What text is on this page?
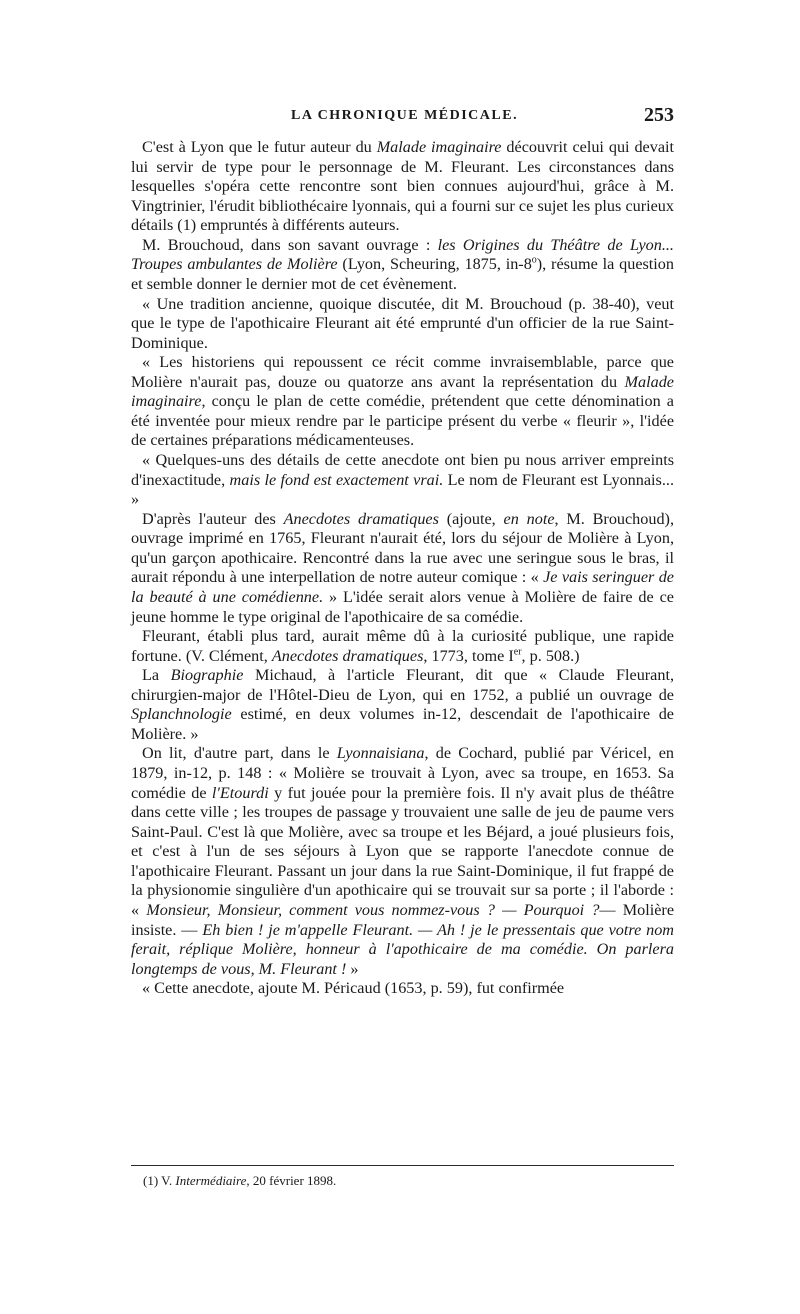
LA CHRONIQUE MÉDICALE.	253

C'est à Lyon que le futur auteur du Malade imaginaire découvrit celui qui devait lui servir de type pour le personnage de M. Fleurant. Les circonstances dans lesquelles s'opéra cette rencontre sont bien connues aujourd'hui, grâce à M. Vingtrinier, l'érudit bibliothécaire lyonnais, qui a fourni sur ce sujet les plus curieux détails (1) empruntés à différents auteurs.

M. Brouchoud, dans son savant ouvrage : les Origines du Théâtre de Lyon... Troupes ambulantes de Molière (Lyon, Scheuring, 1875, in-8$^o$), résume la question et semble donner le dernier mot de cet évènement.

« Une tradition ancienne, quoique discutée, dit M. Brouchoud (p. 38-40), veut que le type de l'apothicaire Fleurant ait été emprunté d'un officier de la rue Saint-Dominique.

« Les historiens qui repoussent ce récit comme invraisemblable, parce que Molière n'aurait pas, douze ou quatorze ans avant la représentation du Malade imaginaire, conçu le plan de cette comédie, prétendent que cette dénomination a été inventée pour mieux rendre par le participe présent du verbe « fleurir », l'idée de certaines préparations médicamenteuses.

« Quelques-uns des détails de cette anecdote ont bien pu nous arriver empreints d'inexactitude, mais le fond est exactement vrai. Le nom de Fleurant est Lyonnais... »

D'après l'auteur des Anecdotes dramatiques (ajoute, en note, M. Brouchoud), ouvrage imprimé en 1765, Fleurant n'aurait été, lors du séjour de Molière à Lyon, qu'un garçon apothicaire. Rencontré dans la rue avec une seringue sous le bras, il aurait répondu à une interpellation de notre auteur comique : « Je vais seringuer de la beauté à une comédienne. » L'idée serait alors venue à Molière de faire de ce jeune homme le type original de l'apothicaire de sa comédie.

Fleurant, établi plus tard, aurait même dû à la curiosité publique, une rapide fortune. (V. Clément, Anecdotes dramatiques, 1773, tome Ier, p. 508.)

La Biographie Michaud, à l'article Fleurant, dit que « Claude Fleurant, chirurgien-major de l'Hôtel-Dieu de Lyon, qui en 1752, a publié un ouvrage de Splanchnologie estimé, en deux volumes in-12, descendait de l'apothicaire de Molière. »

On lit, d'autre part, dans le Lyonnaisiana, de Cochard, publié par Véricel, en 1879, in-12, p. 148 : « Molière se trouvait à Lyon, avec sa troupe, en 1653. Sa comédie de l'Etourdi y fut jouée pour la première fois. Il n'y avait plus de théâtre dans cette ville ; les troupes de passage y trouvaient une salle de jeu de paume vers Saint-Paul. C'est là que Molière, avec sa troupe et les Béjard, a joué plusieurs fois, et c'est à l'un de ses séjours à Lyon que se rapporte l'anecdote connue de l'apothicaire Fleurant. Passant un jour dans la rue Saint-Dominique, il fut frappé de la physionomie singulière d'un apothicaire qui se trouvait sur sa porte ; il l'aborde : « Monsieur, Monsieur, comment vous nommez-vous ? — Pourquoi ?— Molière insiste. — Eh bien ! je m'appelle Fleurant. — Ah ! je le pressentais que votre nom ferait, réplique Molière, honneur à l'apothicaire de ma comédie. On parlera longtemps de vous, M. Fleurant ! »

« Cette anecdote, ajoute M. Péricaud (1653, p. 59), fut confirmée

(1) V. Intermédiaire, 20 février 1898.
